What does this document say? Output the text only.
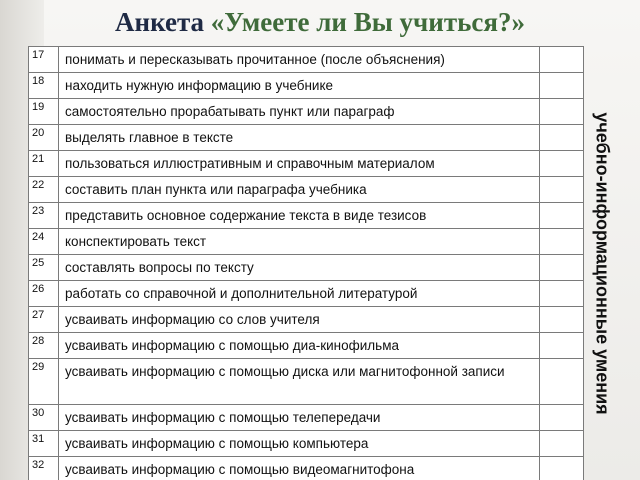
Анкета «Умеете ли Вы учиться?»
17	понимать и пересказывать прочитанное (после объяснения)	
18	находить нужную информацию в учебнике	
19	самостоятельно прорабатывать пункт или параграф	
20	выделять главное в тексте	
21	пользоваться иллюстративным и справочным материалом	
22	составить план пункта или параграфа учебника	
23	представить основное содержание текста в виде тезисов	
24	конспектировать текст	
25	составлять вопросы по тексту	
26	работать со справочной и дополнительной литературой	
27	усваивать информацию со слов учителя	
28	усваивать информацию с помощью диа-кинофильма	
29	усваивать информацию с помощью диска или магнитофонной записи	
30	усваивать информацию с помощью телепередачи	
31	усваивать информацию с помощью компьютера	
32	усваивать информацию с помощью видеомагнитофона	
учебно-информационные умения
